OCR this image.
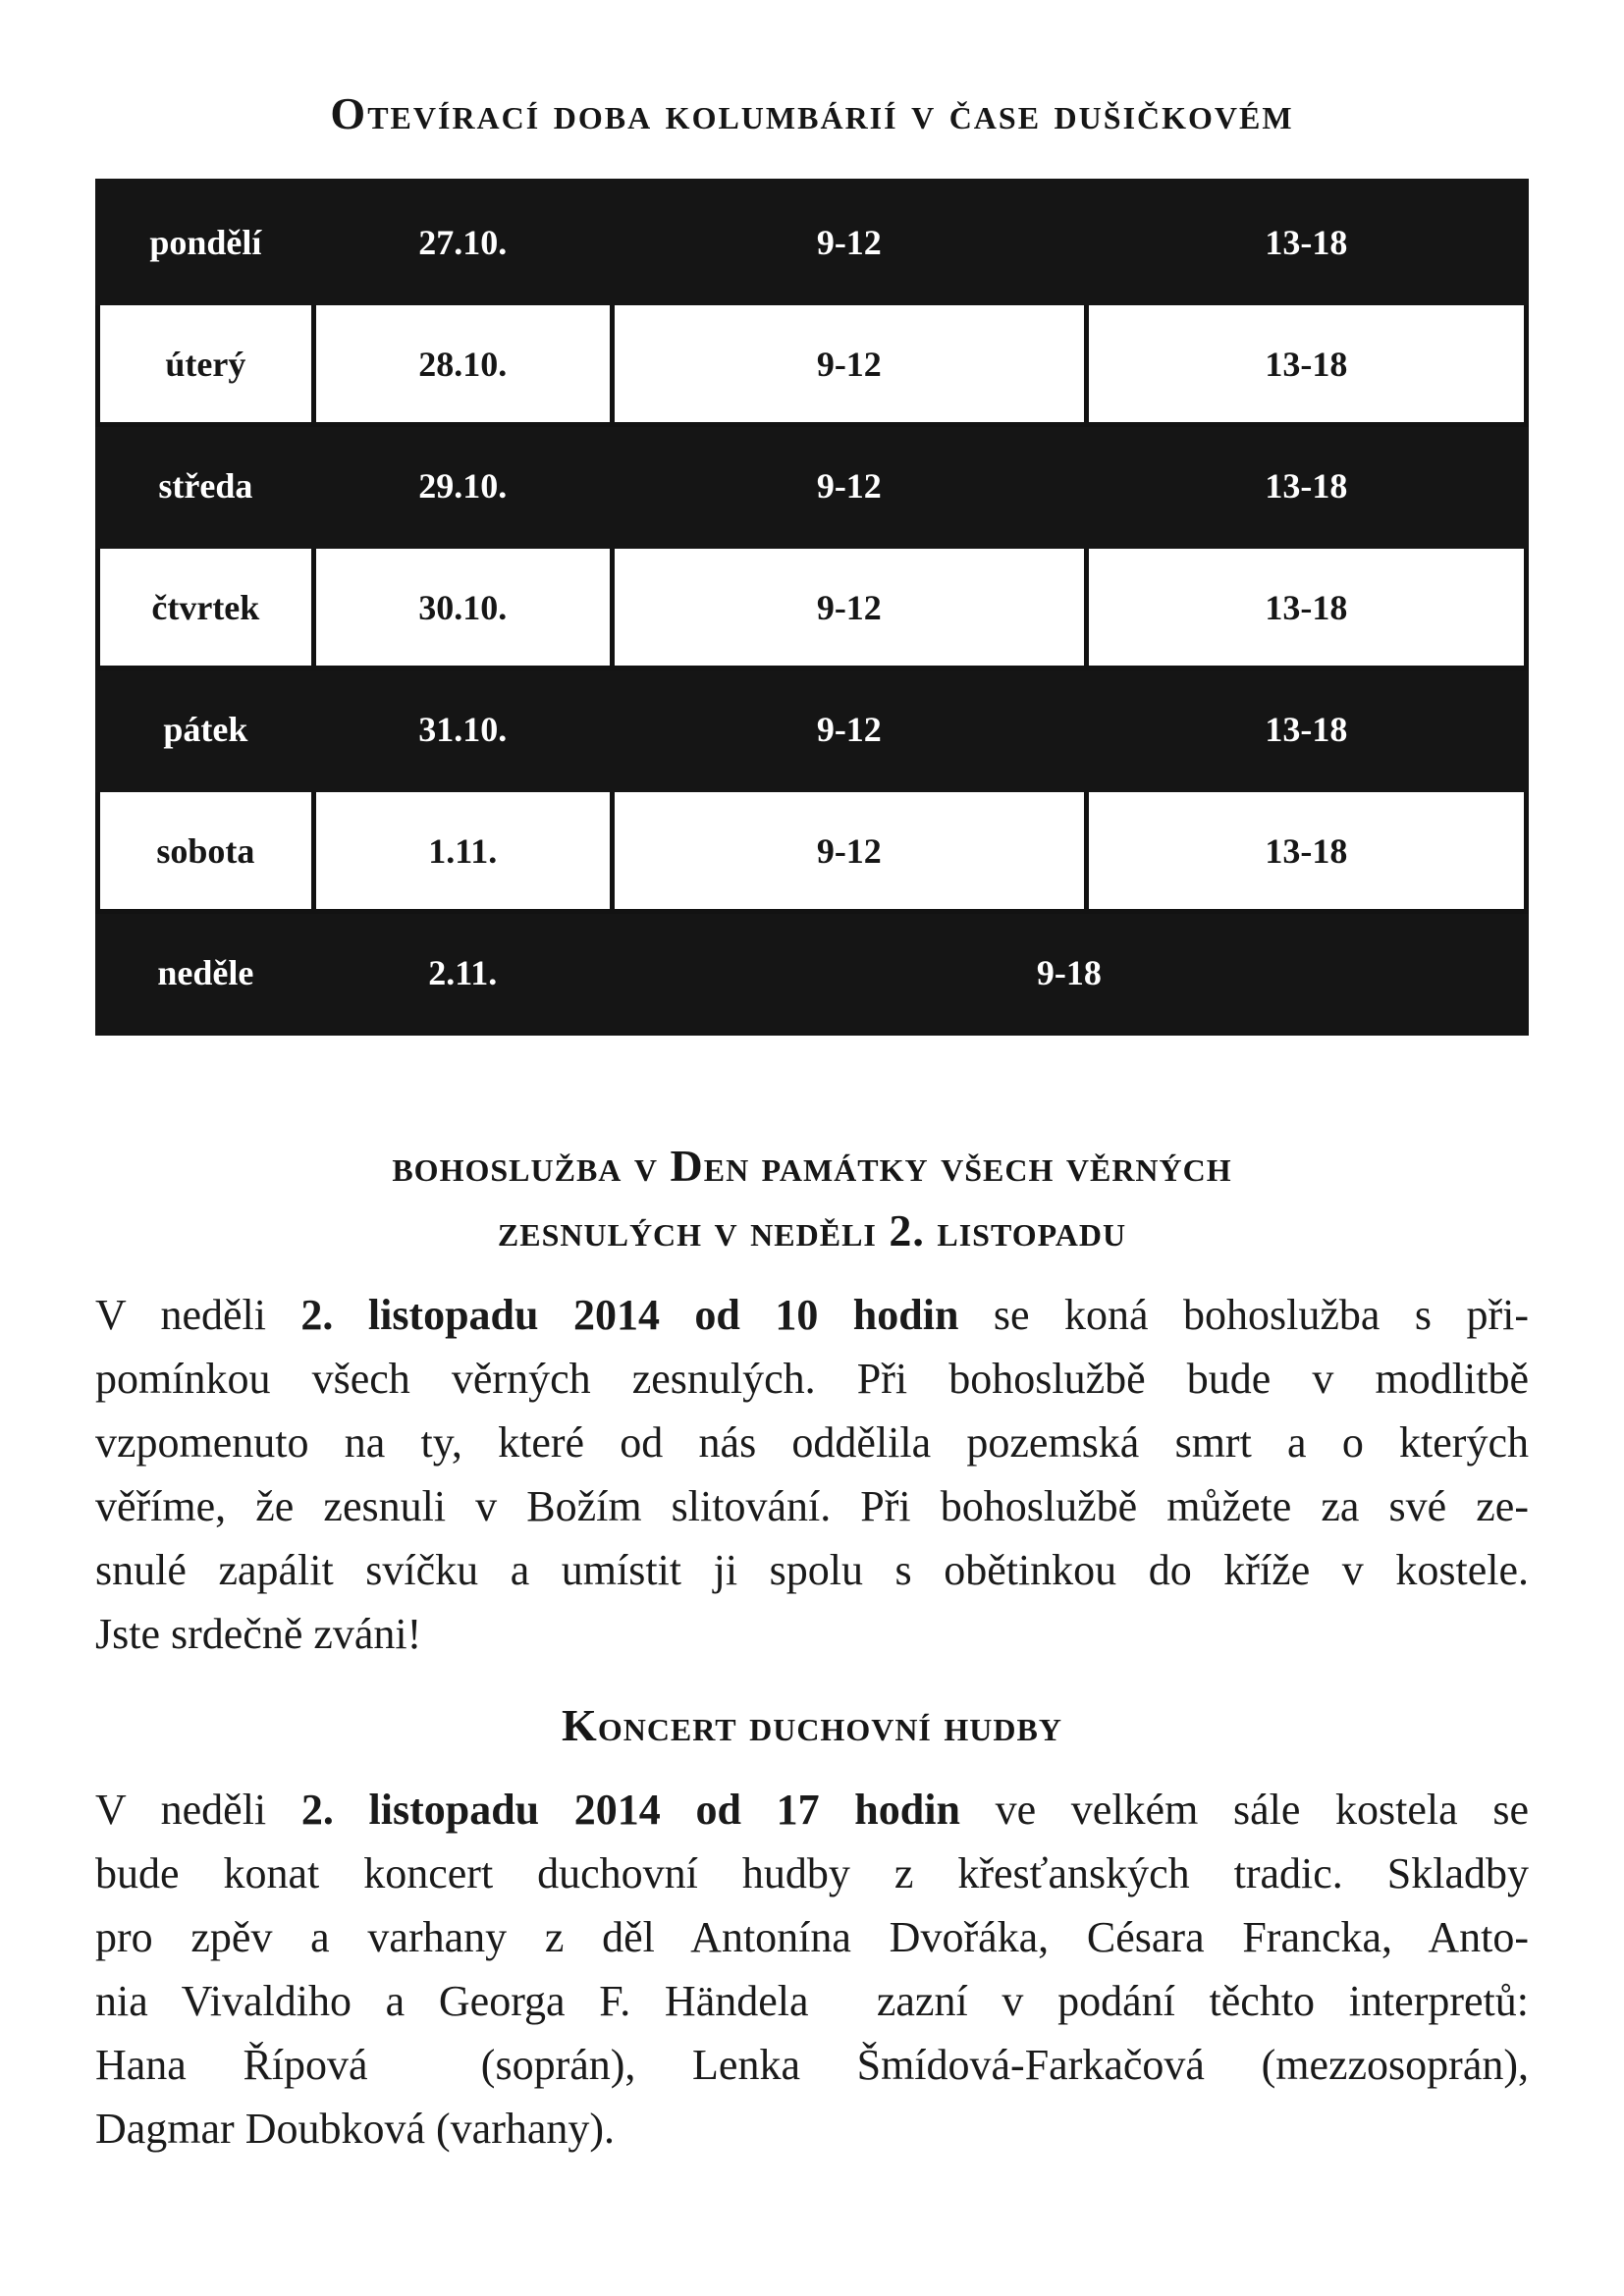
Otevírací doba kolumbárií v čase dušičkovém
pondělí	27.10.	9-12	13-18
úterý	28.10.	9-12	13-18
středa	29.10.	9-12	13-18
čtvrtek	30.10.	9-12	13-18
pátek	31.10.	9-12	13-18
sobota	1.11.	9-12	13-18
neděle	2.11.	9-18	
bohoslužba v Den památky všech věrných
zesnulých v neděli 2. listopadu
V neděli 2. listopadu 2014 od 10 hodin se koná bohoslužba s při-
pomínkou všech věrných zesnulých. Při bohoslužbě bude v modlitbě
vzpomenuto na ty, které od nás oddělila pozemská smrt a o kterých
věříme, že zesnuli v Božím slitování. Při bohoslužbě můžete za své ze-
snulé zapálit svíčku a umístit ji spolu s obětinkou do kříže v kostele.
Jste srdečně zváni!
Koncert duchovní hudby
V neděli 2. listopadu 2014 od 17 hodin ve velkém sále kostela se
bude konat koncert duchovní hudby z křesťanských tradic. Skladby
pro zpěv a varhany z děl Antonína Dvořáka, Césara Francka, Anto-
nia Vivaldiho a Georga F. Händela  zazní v podání těchto interpretů:
Hana Řípová  (soprán), Lenka Šmídová-Farkačová (mezzosoprán),
Dagmar Doubková (varhany).
